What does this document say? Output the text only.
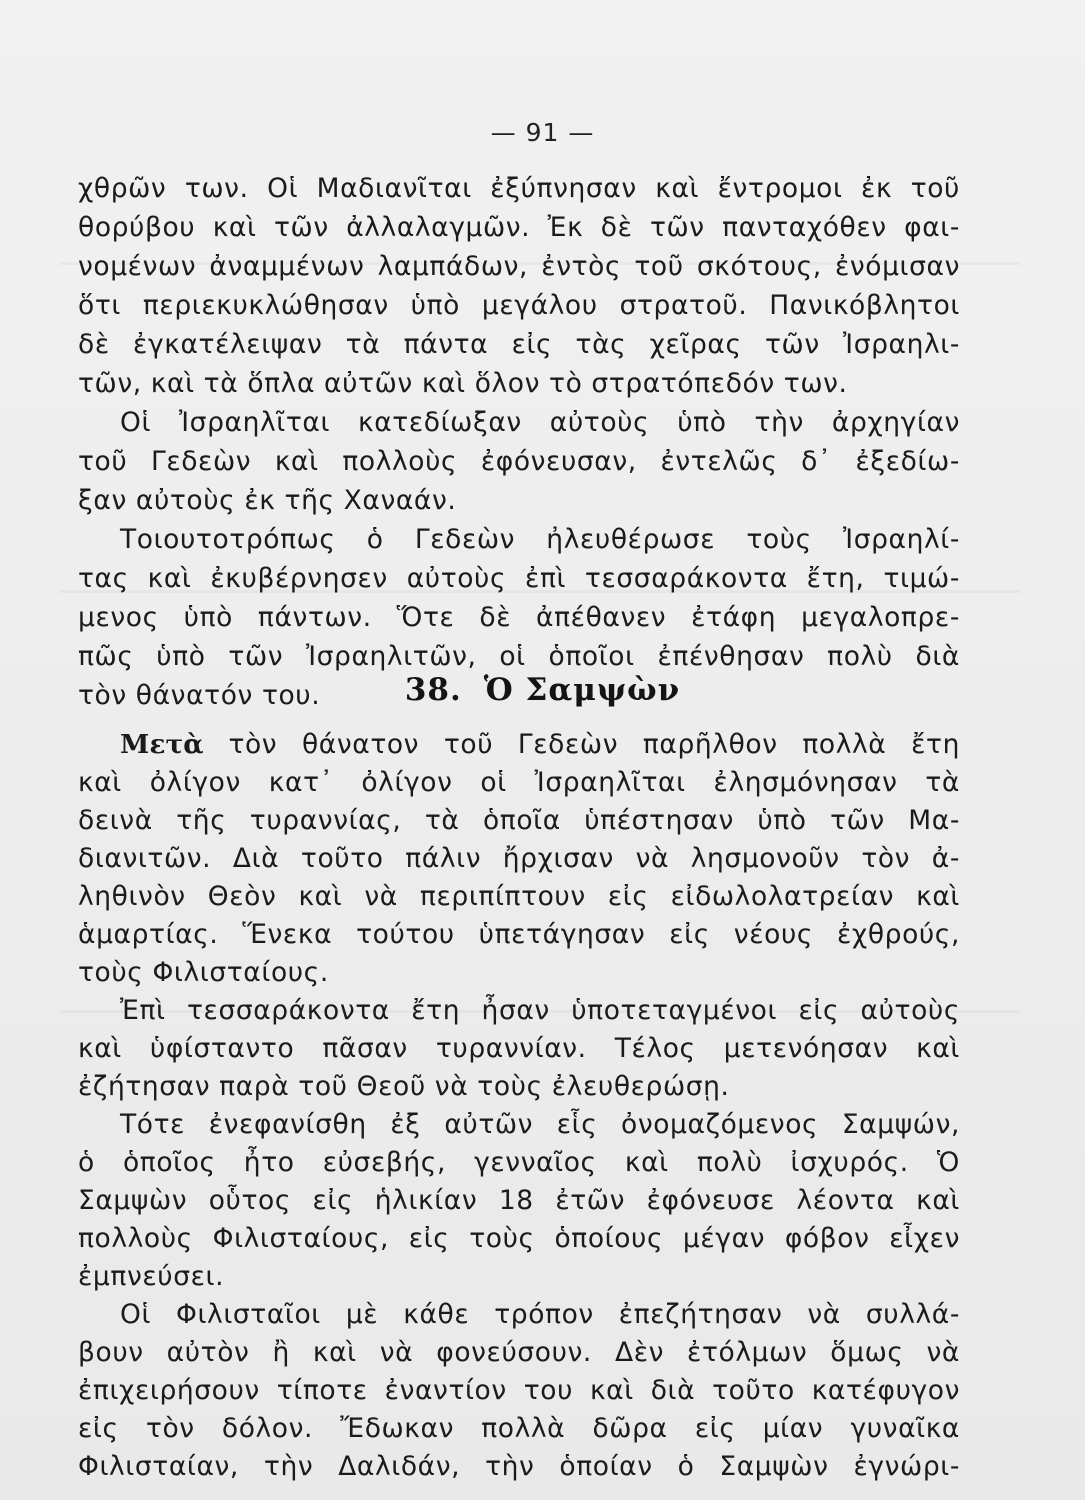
— 91 —
χθρῶν των. Οἱ Μαδιανῖται ἐξύπνησαν καὶ ἔντρομοι ἐκ τοῦ
θορύβου καὶ τῶν ἀλλαλαγμῶν. Ἐκ δὲ τῶν πανταχόθεν φαι-
νομένων ἀναμμένων λαμπάδων, ἐντὸς τοῦ σκότους, ἐνόμισαν
ὅτι περιεκυκλώθησαν ὑπὸ μεγάλου στρατοῦ. Πανικόβλητοι
δὲ ἐγκατέλειψαν τὰ πάντα εἰς τὰς χεῖρας τῶν Ἰσραηλι-
τῶν, καὶ τὰ ὅπλα αὐτῶν καὶ ὅλον τὸ στρατόπεδόν των.
Οἱ Ἰσραηλῖται κατεδίωξαν αὐτοὺς ὑπὸ τὴν ἀρχηγίαν
τοῦ Γεδεὼν καὶ πολλοὺς ἐφόνευσαν, ἐντελῶς δ᾿ ἐξεδίω-
ξαν αὐτοὺς ἐκ τῆς Χαναάν.
Τοιουτοτρόπως ὁ Γεδεὼν ἠλευθέρωσε τοὺς Ἰσραηλί-
τας καὶ ἐκυβέρνησεν αὐτοὺς ἐπὶ τεσσαράκοντα ἔτη, τιμώ-
μενος ὑπὸ πάντων. Ὅτε δὲ ἀπέθανεν ἐτάφη μεγαλοπρε-
πῶς ὑπὸ τῶν Ἰσραηλιτῶν, οἱ ὁποῖοι ἐπένθησαν πολὺ διὰ
τὸν θάνατόν του.	38. Ὁ Σαμψὼν
Μετὰ τὸν θάνατον τοῦ Γεδεὼν παρῆλθον πολλὰ ἔτη
καὶ ὀλίγον κατ᾿ ὀλίγον οἱ Ἰσραηλῖται ἐλησμόνησαν τὰ
δεινὰ τῆς τυραννίας, τὰ ὁποῖα ὑπέστησαν ὑπὸ τῶν Μα-
διανιτῶν. Διὰ τοῦτο πάλιν ἤρχισαν νὰ λησμονοῦν τὸν ἀ-
ληθινὸν Θεὸν καὶ νὰ περιπίπτουν εἰς εἰδωλολατρείαν καὶ
ἁμαρτίας. Ἕνεκα τούτου ὑπετάγησαν εἰς νέους ἐχθρούς,
τοὺς Φιλισταίους.
Ἐπὶ τεσσαράκοντα ἔτη ἦσαν ὑποτεταγμένοι εἰς αὐτοὺς
καὶ ὑφίσταντο πᾶσαν τυραννίαν. Τέλος μετενόησαν καὶ
ἐζήτησαν παρὰ τοῦ Θεοῦ νὰ τοὺς ἐλευθερώσῃ.
Τότε ἐνεφανίσθη ἐξ αὐτῶν εἷς ὀνομαζόμενος Σαμψών,
ὁ ὁποῖος ἦτο εὐσεβής, γενναῖος καὶ πολὺ ἰσχυρός. Ὁ
Σαμψὼν οὗτος εἰς ἡλικίαν 18 ἐτῶν ἐφόνευσε λέοντα καὶ
πολλοὺς Φιλισταίους, εἰς τοὺς ὁποίους μέγαν φόβον εἶχεν
ἐμπνεύσει.
Οἱ Φιλισταῖοι μὲ κάθε τρόπον ἐπεζήτησαν νὰ συλλά-
βουν αὐτὸν ἢ καὶ νὰ φονεύσουν. Δὲν ἐτόλμων ὅμως νὰ
ἐπιχειρήσουν τίποτε ἐναντίον του καὶ διὰ τοῦτο κατέφυγον
εἰς τὸν δόλον. Ἔδωκαν πολλὰ δῶρα εἰς μίαν γυναῖκα
Φιλισταίαν, τὴν Δαλιδάν, τὴν ὁποίαν ὁ Σαμψὼν ἐγνώρι-
